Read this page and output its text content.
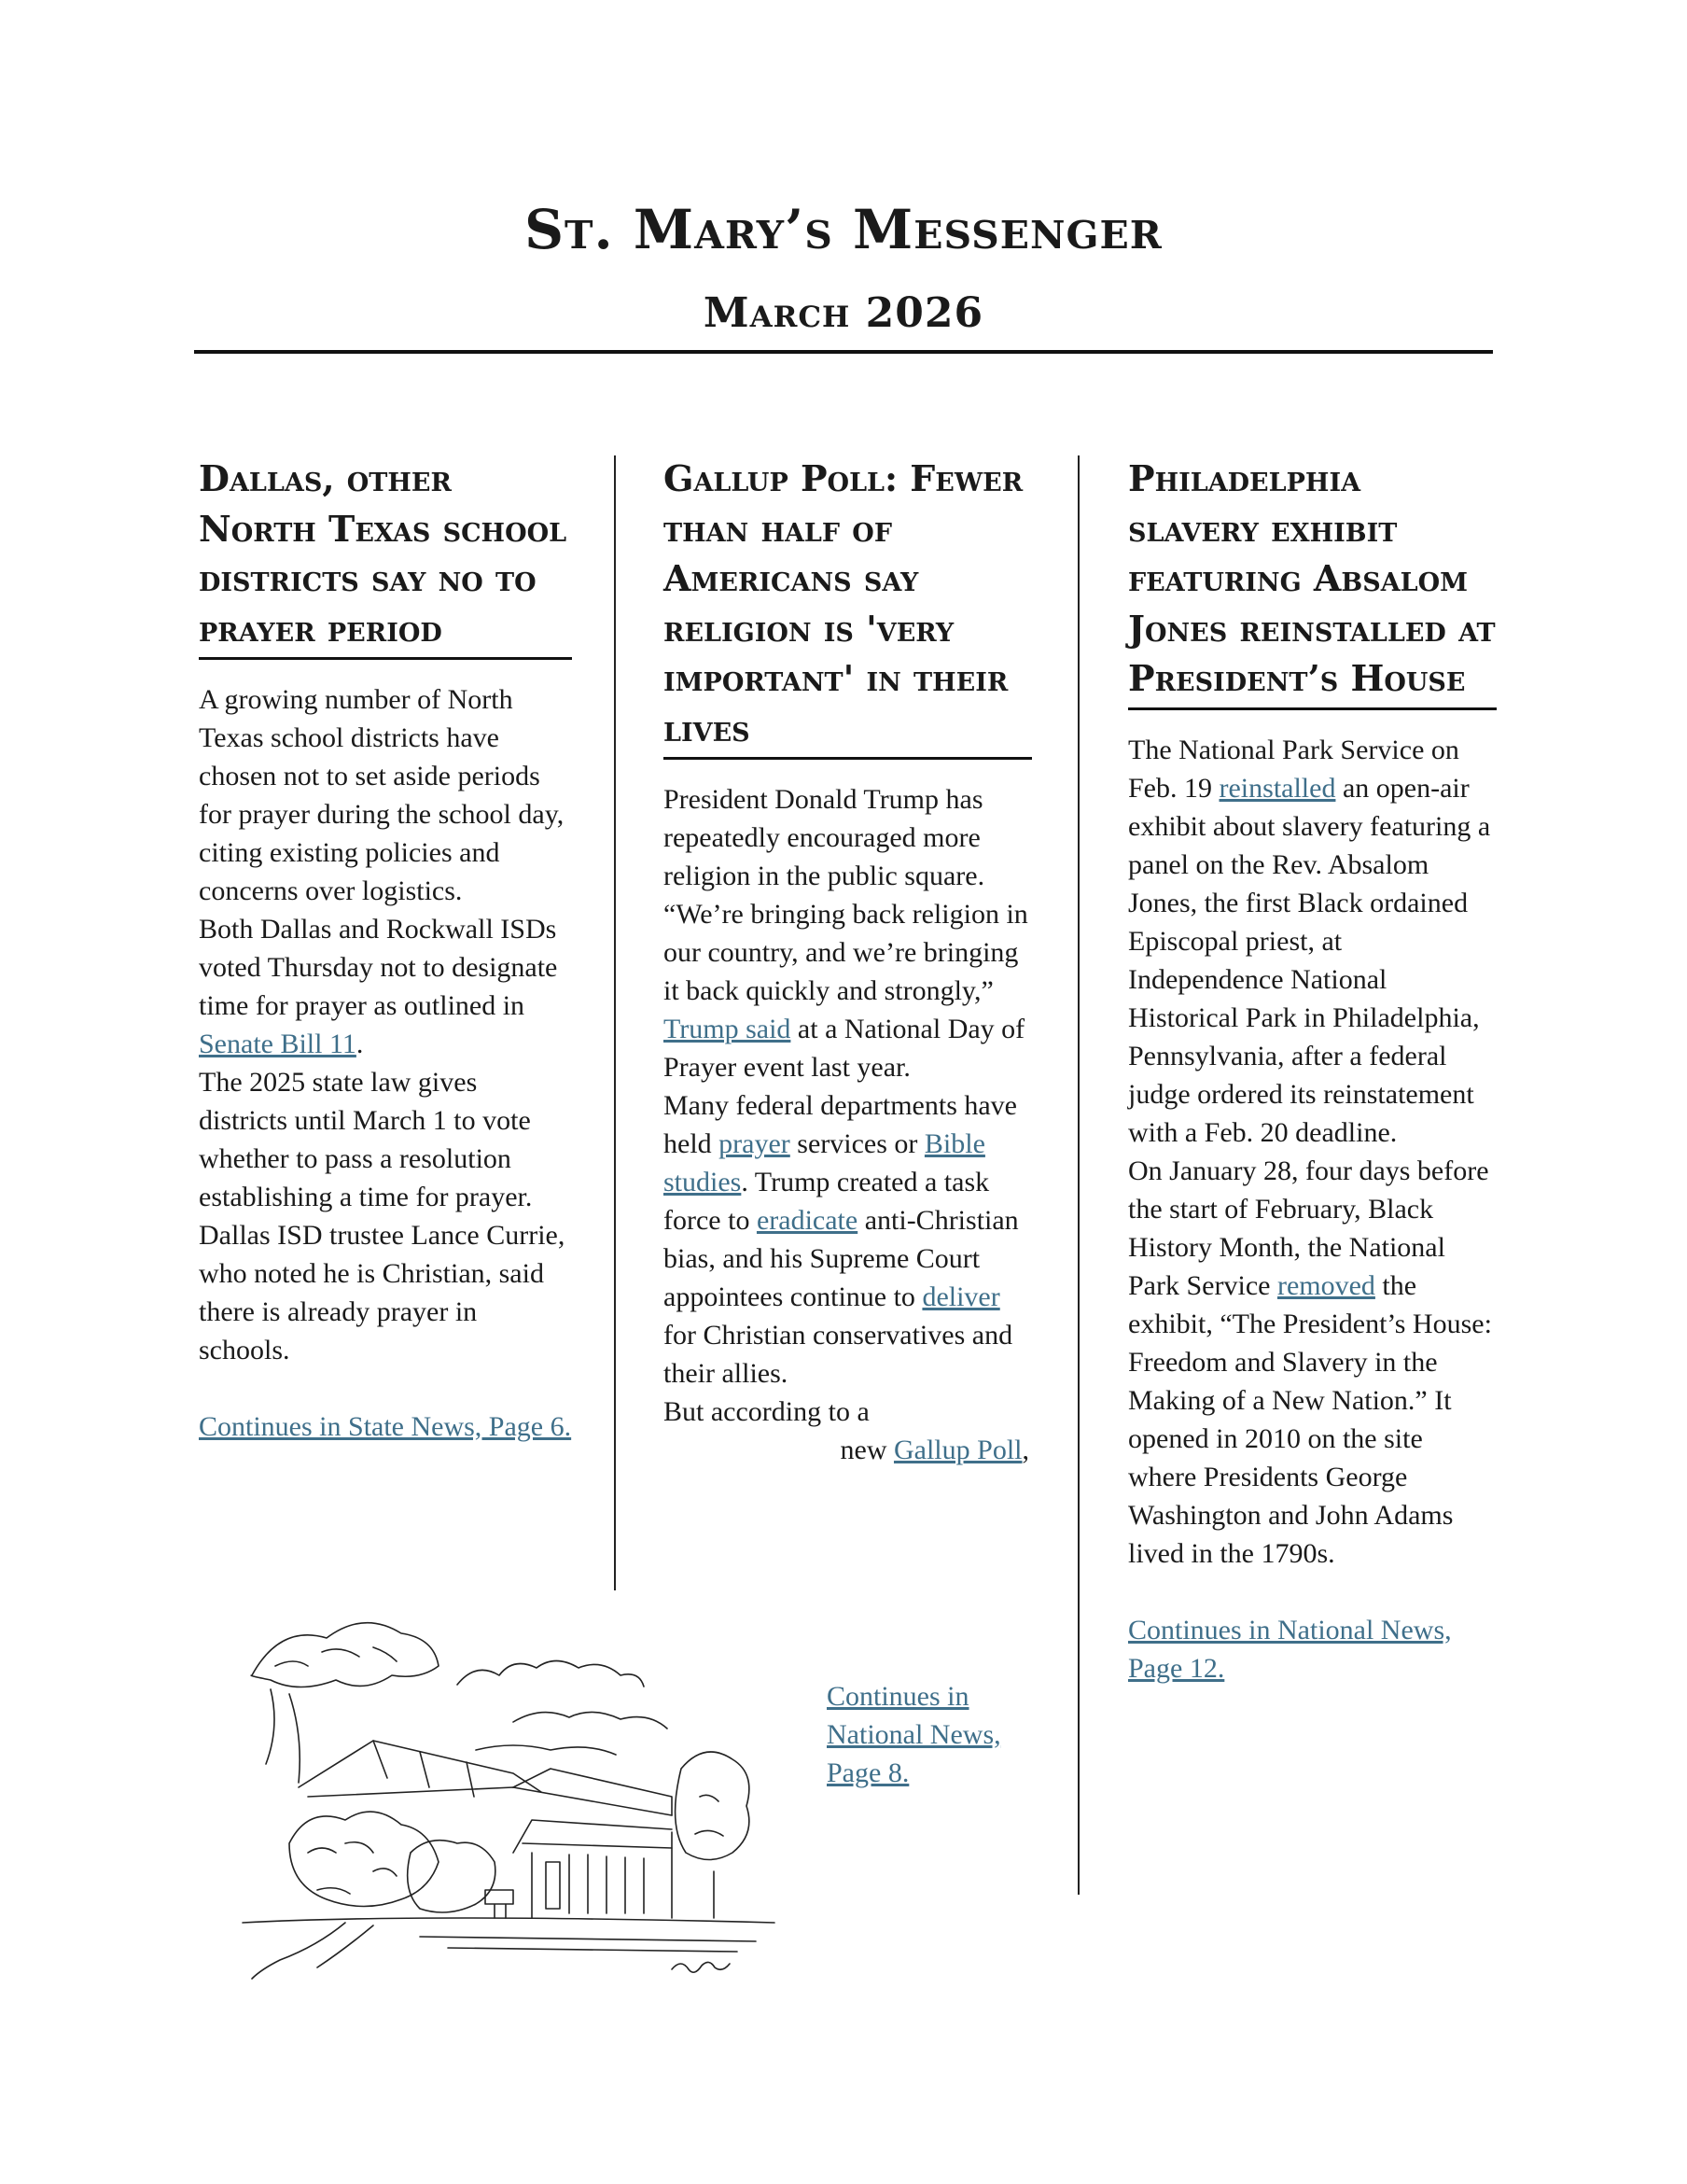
St. Mary’s Messenger
March 2026
Dallas, other North Texas school districts say no to prayer period

A growing number of North Texas school districts have chosen not to set aside periods for prayer during the school day, citing existing policies and concerns over logistics.

Both Dallas and Rockwall ISDs voted Thursday not to designate time for prayer as outlined in Senate Bill 11.

The 2025 state law gives districts until March 1 to vote whether to pass a resolution establishing a time for prayer.

Dallas ISD trustee Lance Currie, who noted he is Christian, said there is already prayer in schools.

Continues in State News, Page 6.

Gallup Poll: Fewer than half of Americans say religion is 'very important' in their lives

President Donald Trump has repeatedly encouraged more religion in the public square. “We’re bringing back religion in our country, and we’re bringing it back quickly and strongly,” Trump said at a National Day of Prayer event last year.

Many federal departments have held prayer services or Bible studies. Trump created a task force to eradicate anti-Christian bias, and his Supreme Court appointees continue to deliver for Christian conservatives and their allies.

But according to a

new Gallup Poll,

Continues in National News, Page 8.
Philadelphia slavery exhibit featuring Absalom Jones reinstalled at President’s House

The National Park Service on Feb. 19 reinstalled an open-air exhibit about slavery featuring a panel on the Rev. Absalom Jones, the first Black ordained Episcopal priest, at Independence National Historical Park in Philadelphia, Pennsylvania, after a federal judge ordered its reinstatement with a Feb. 20 deadline.

On January 28, four days before the start of February, Black History Month, the National Park Service removed the exhibit, “The President’s House: Freedom and Slavery in the Making of a New Nation.” It opened in 2010 on the site where Presidents George Washington and John Adams lived in the 1790s.

Continues in National News, Page 12.
